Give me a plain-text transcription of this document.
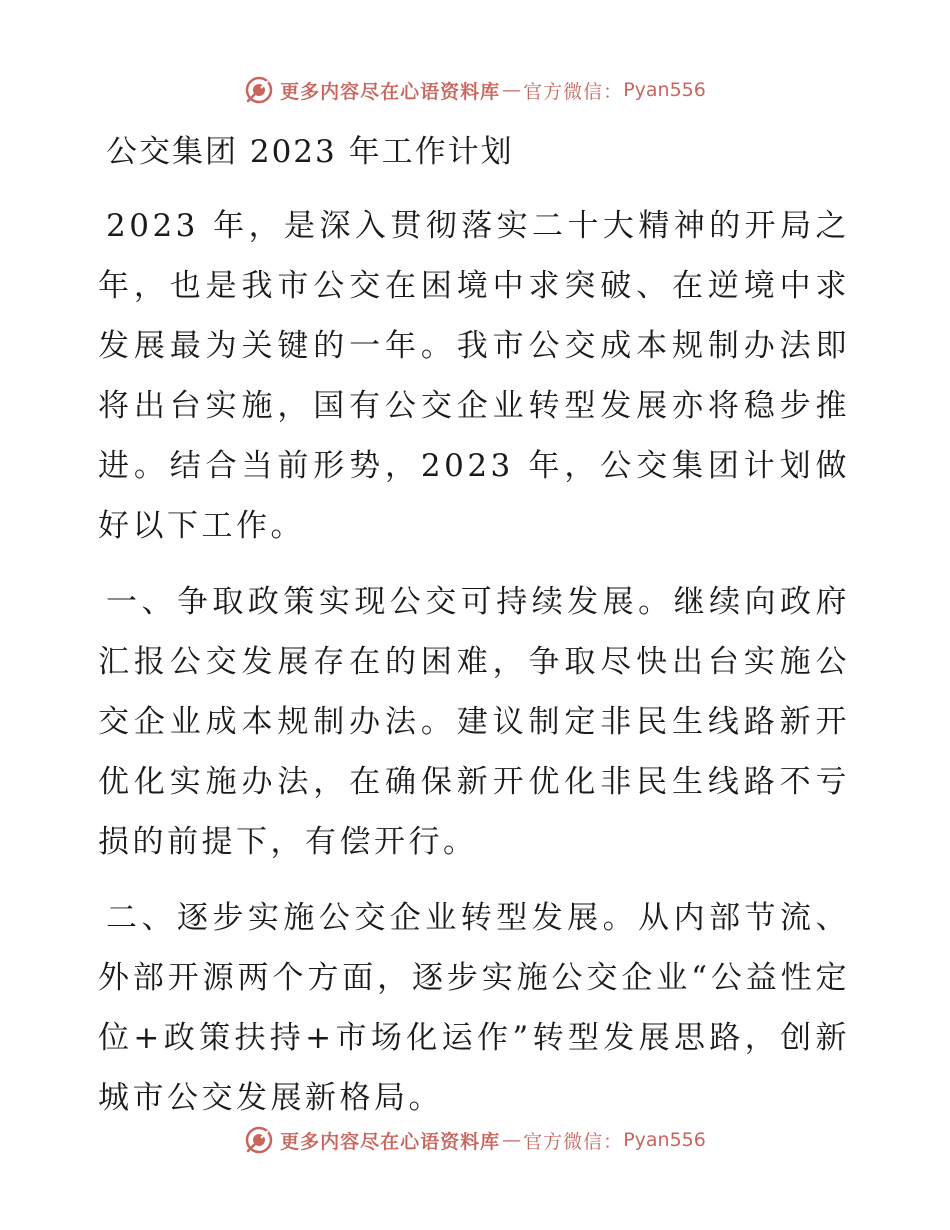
更多内容尽在心语资料库 — 官方微信： Pyan556
公交集团 2023 年工作计划

2023 年，是深入贯彻落实二十大精神的开局之年，也是我市公交在困境中求突破、在逆境中求发展最为关键的一年。我市公交成本规制办法即将出台实施，国有公交企业转型发展亦将稳步推进。结合当前形势，2023 年，公交集团计划做好以下工作。

一、争取政策实现公交可持续发展。继续向政府汇报公交发展存在的困难，争取尽快出台实施公交企业成本规制办法。建议制定非民生线路新开优化实施办法，在确保新开优化非民生线路不亏损的前提下，有偿开行。

二、逐步实施公交企业转型发展。从内部节流、外部开源两个方面，逐步实施公交企业“公益性定位+政策扶持+市场化运作”转型发展思路，创新城市公交发展新格局。

更多内容尽在心语资料库 — 官方微信： Pyan556
